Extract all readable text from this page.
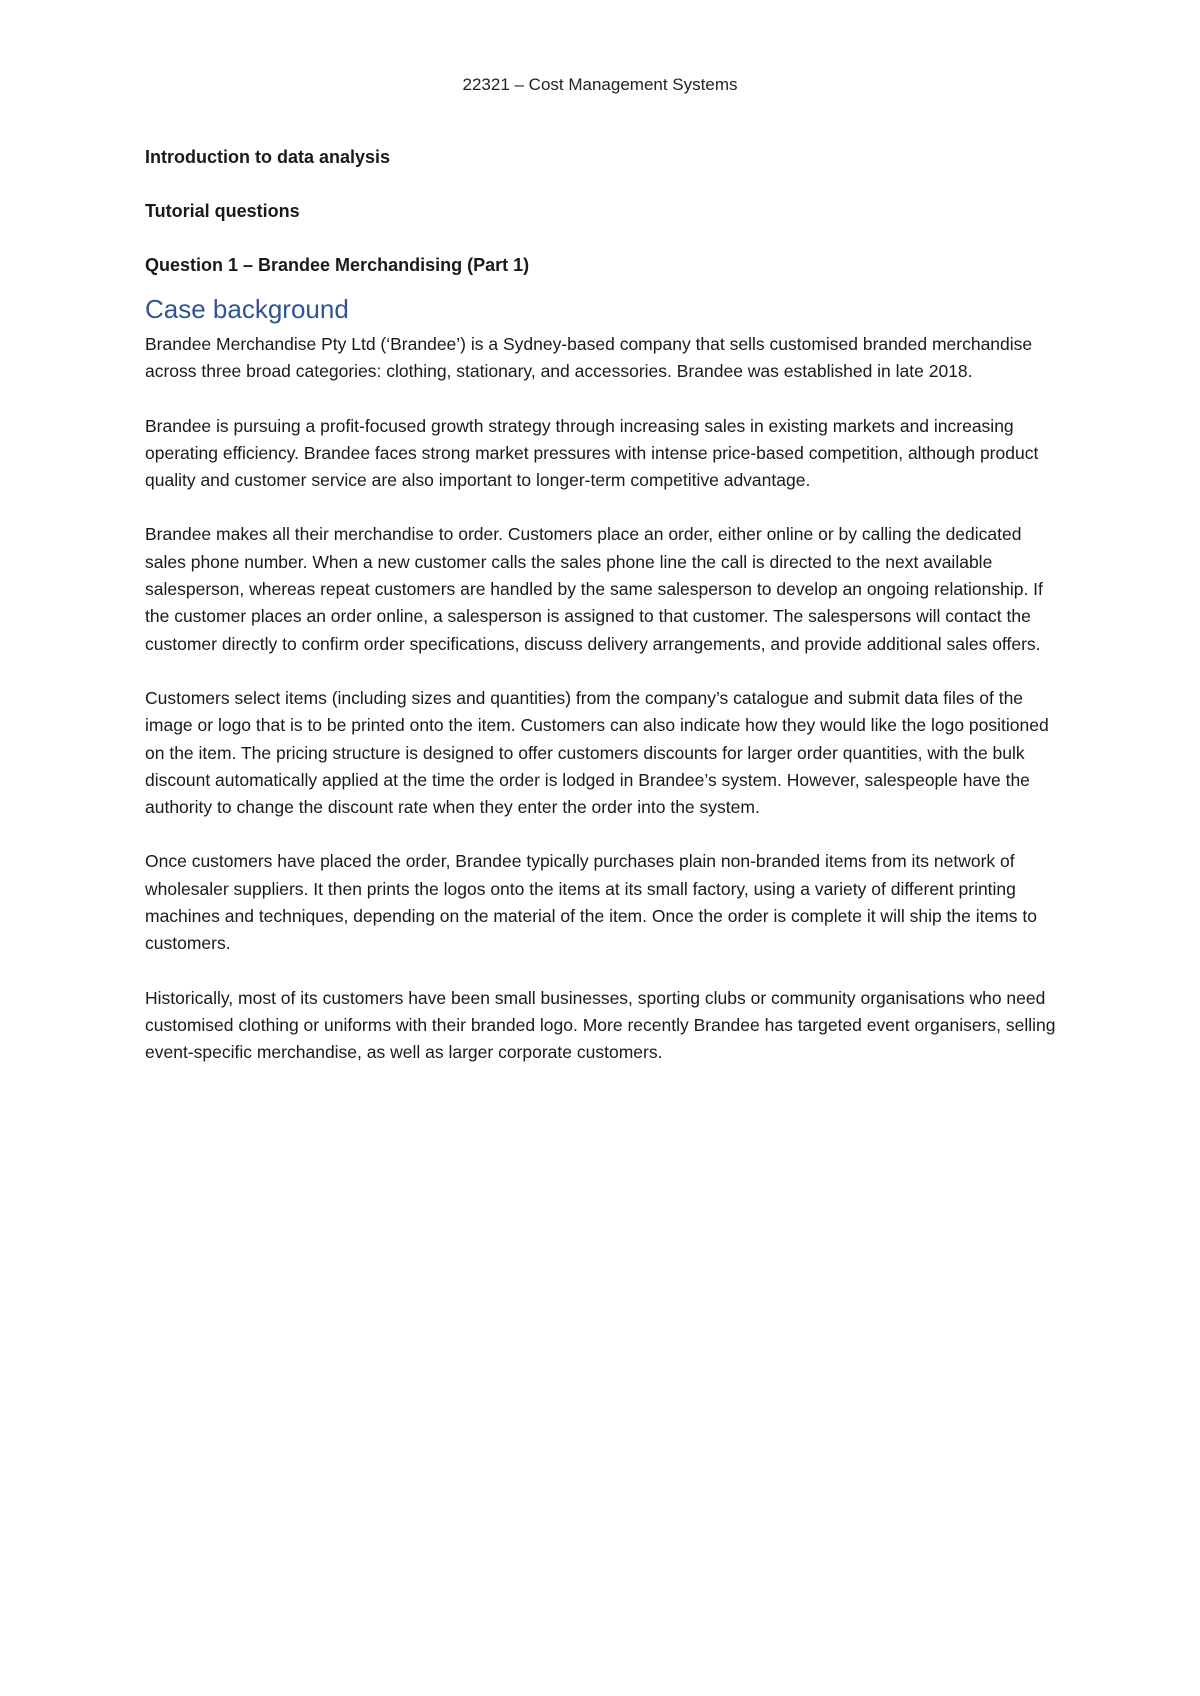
22321 – Cost Management Systems

Introduction to data analysis

Tutorial questions

Question 1 – Brandee Merchandising (Part 1)

Case background

Brandee Merchandise Pty Ltd (‘Brandee’) is a Sydney-based company that sells customised branded merchandise across three broad categories: clothing, stationary, and accessories. Brandee was established in late 2018.

Brandee is pursuing a profit-focused growth strategy through increasing sales in existing markets and increasing operating efficiency. Brandee faces strong market pressures with intense price-based competition, although product quality and customer service are also important to longer-term competitive advantage.

Brandee makes all their merchandise to order. Customers place an order, either online or by calling the dedicated sales phone number. When a new customer calls the sales phone line the call is directed to the next available salesperson, whereas repeat customers are handled by the same salesperson to develop an ongoing relationship. If the customer places an order online, a salesperson is assigned to that customer. The salespersons will contact the customer directly to confirm order specifications, discuss delivery arrangements, and provide additional sales offers.

Customers select items (including sizes and quantities) from the company’s catalogue and submit data files of the image or logo that is to be printed onto the item. Customers can also indicate how they would like the logo positioned on the item. The pricing structure is designed to offer customers discounts for larger order quantities, with the bulk discount automatically applied at the time the order is lodged in Brandee’s system. However, salespeople have the authority to change the discount rate when they enter the order into the system.

Once customers have placed the order, Brandee typically purchases plain non-branded items from its network of wholesaler suppliers. It then prints the logos onto the items at its small factory, using a variety of different printing machines and techniques, depending on the material of the item. Once the order is complete it will ship the items to customers.

Historically, most of its customers have been small businesses, sporting clubs or community organisations who need customised clothing or uniforms with their branded logo. More recently Brandee has targeted event organisers, selling event-specific merchandise, as well as larger corporate customers.
